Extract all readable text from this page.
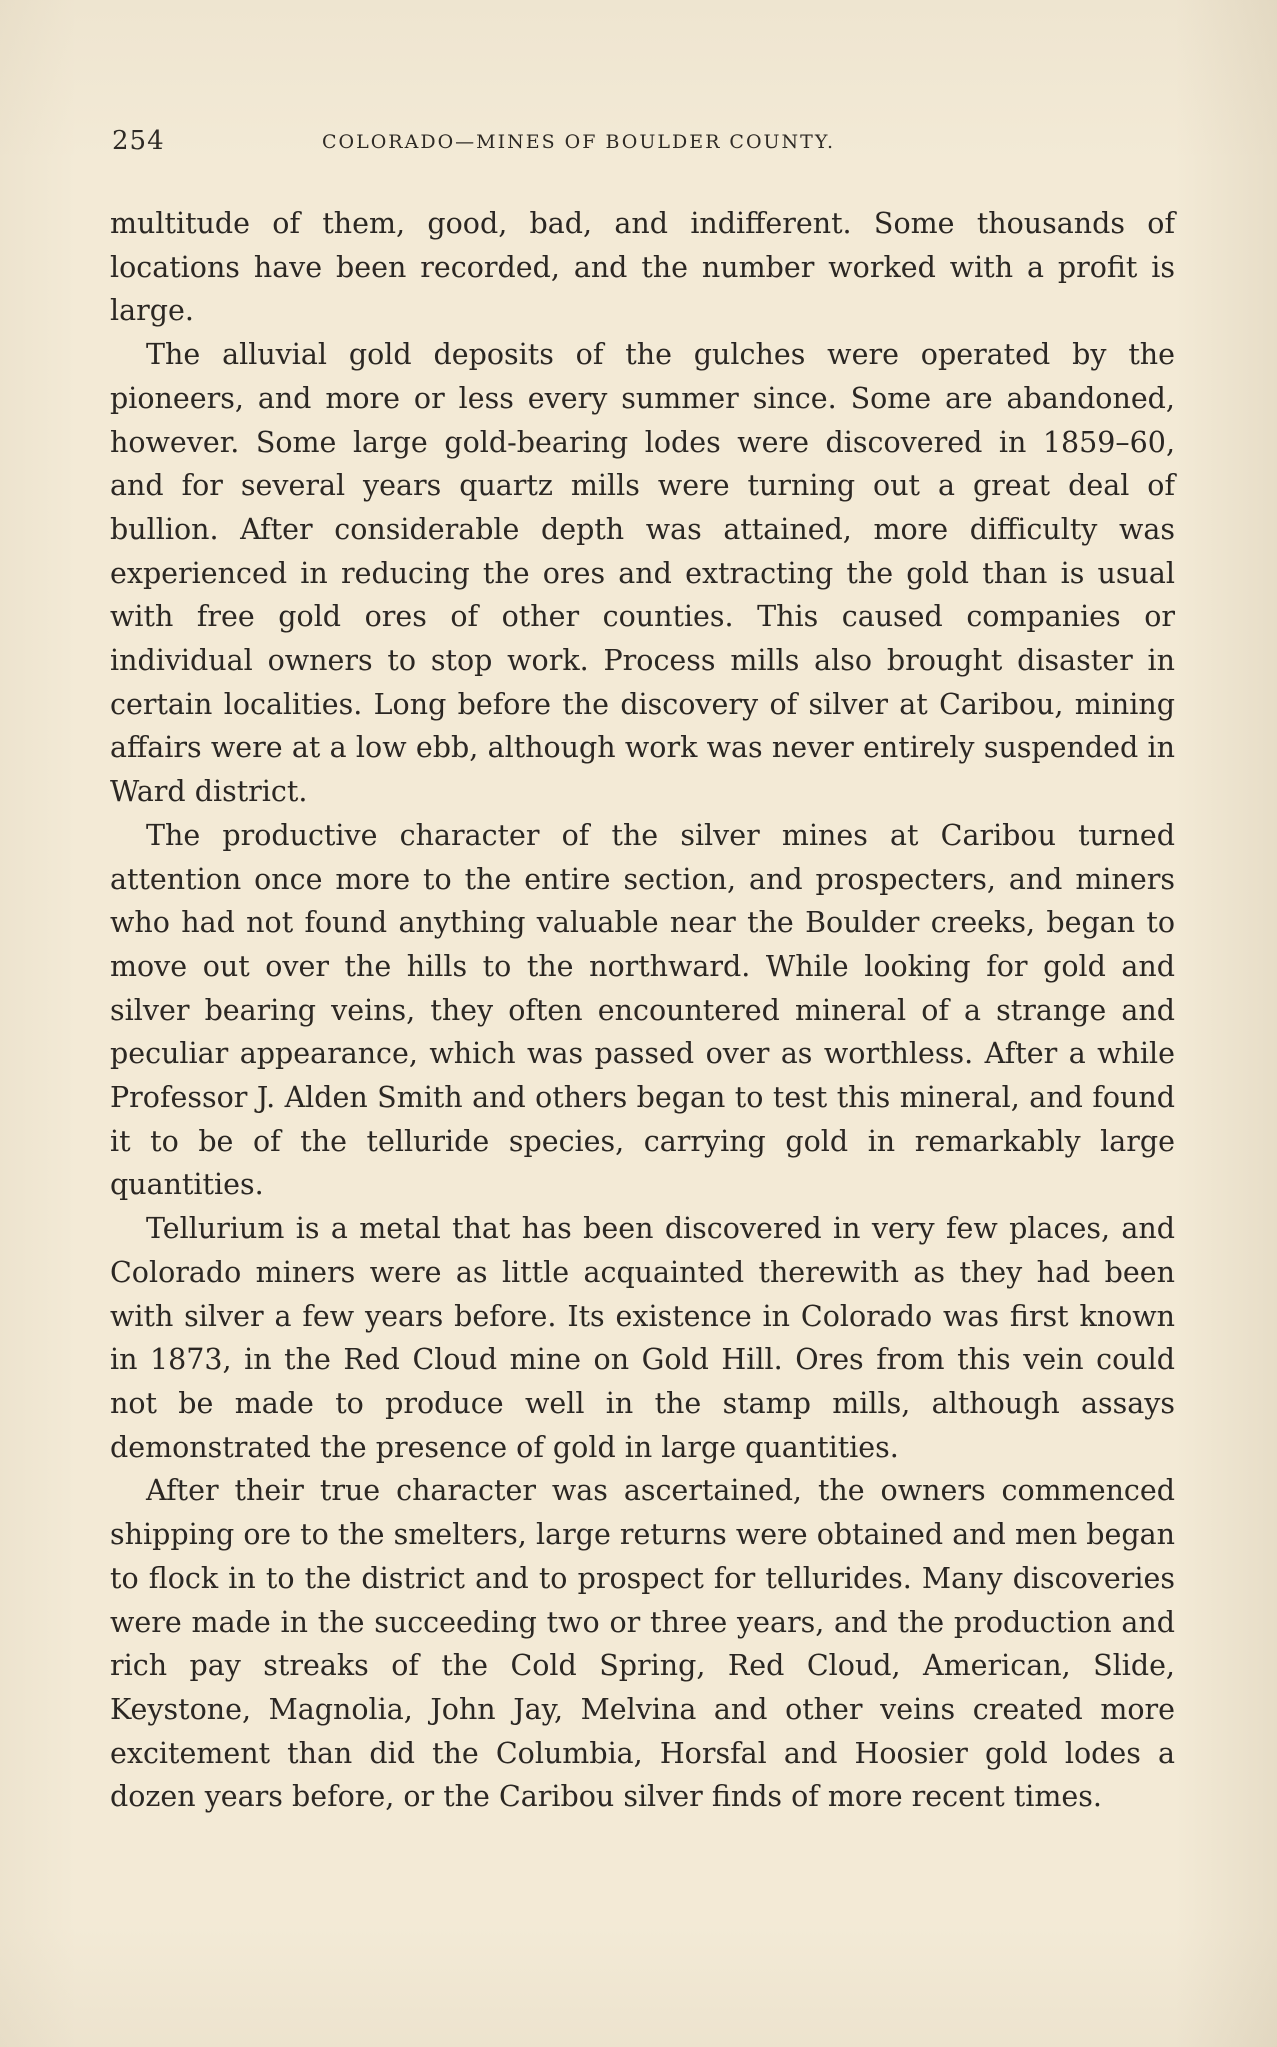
254	COLORADO—MINES OF BOULDER COUNTY.

multitude of them, good, bad, and indifferent. Some thousands of locations have been recorded, and the number worked with a profit is large.

The alluvial gold deposits of the gulches were operated by the pioneers, and more or less every summer since. Some are abandoned, however. Some large gold-bearing lodes were discovered in 1859–60, and for several years quartz mills were turning out a great deal of bullion. After considerable depth was attained, more difficulty was experienced in reducing the ores and extracting the gold than is usual with free gold ores of other counties. This caused companies or individual owners to stop work. Process mills also brought disaster in certain localities. Long before the discovery of silver at Caribou, mining affairs were at a low ebb, although work was never entirely suspended in Ward district.

The productive character of the silver mines at Caribou turned attention once more to the entire section, and prospecters, and miners who had not found anything valuable near the Boulder creeks, began to move out over the hills to the northward. While looking for gold and silver bearing veins, they often encountered mineral of a strange and peculiar appearance, which was passed over as worthless. After a while Professor J. Alden Smith and others began to test this mineral, and found it to be of the telluride species, carrying gold in remarkably large quantities.

Tellurium is a metal that has been discovered in very few places, and Colorado miners were as little acquainted therewith as they had been with silver a few years before. Its existence in Colorado was first known in 1873, in the Red Cloud mine on Gold Hill. Ores from this vein could not be made to produce well in the stamp mills, although assays demonstrated the presence of gold in large quantities.

After their true character was ascertained, the owners commenced shipping ore to the smelters, large returns were obtained and men began to flock in to the district and to prospect for tellurides. Many discoveries were made in the succeeding two or three years, and the production and rich pay streaks of the Cold Spring, Red Cloud, American, Slide, Keystone, Magnolia, John Jay, Melvina and other veins created more excitement than did the Columbia, Horsfal and Hoosier gold lodes a dozen years before, or the Caribou silver finds of more recent times.
